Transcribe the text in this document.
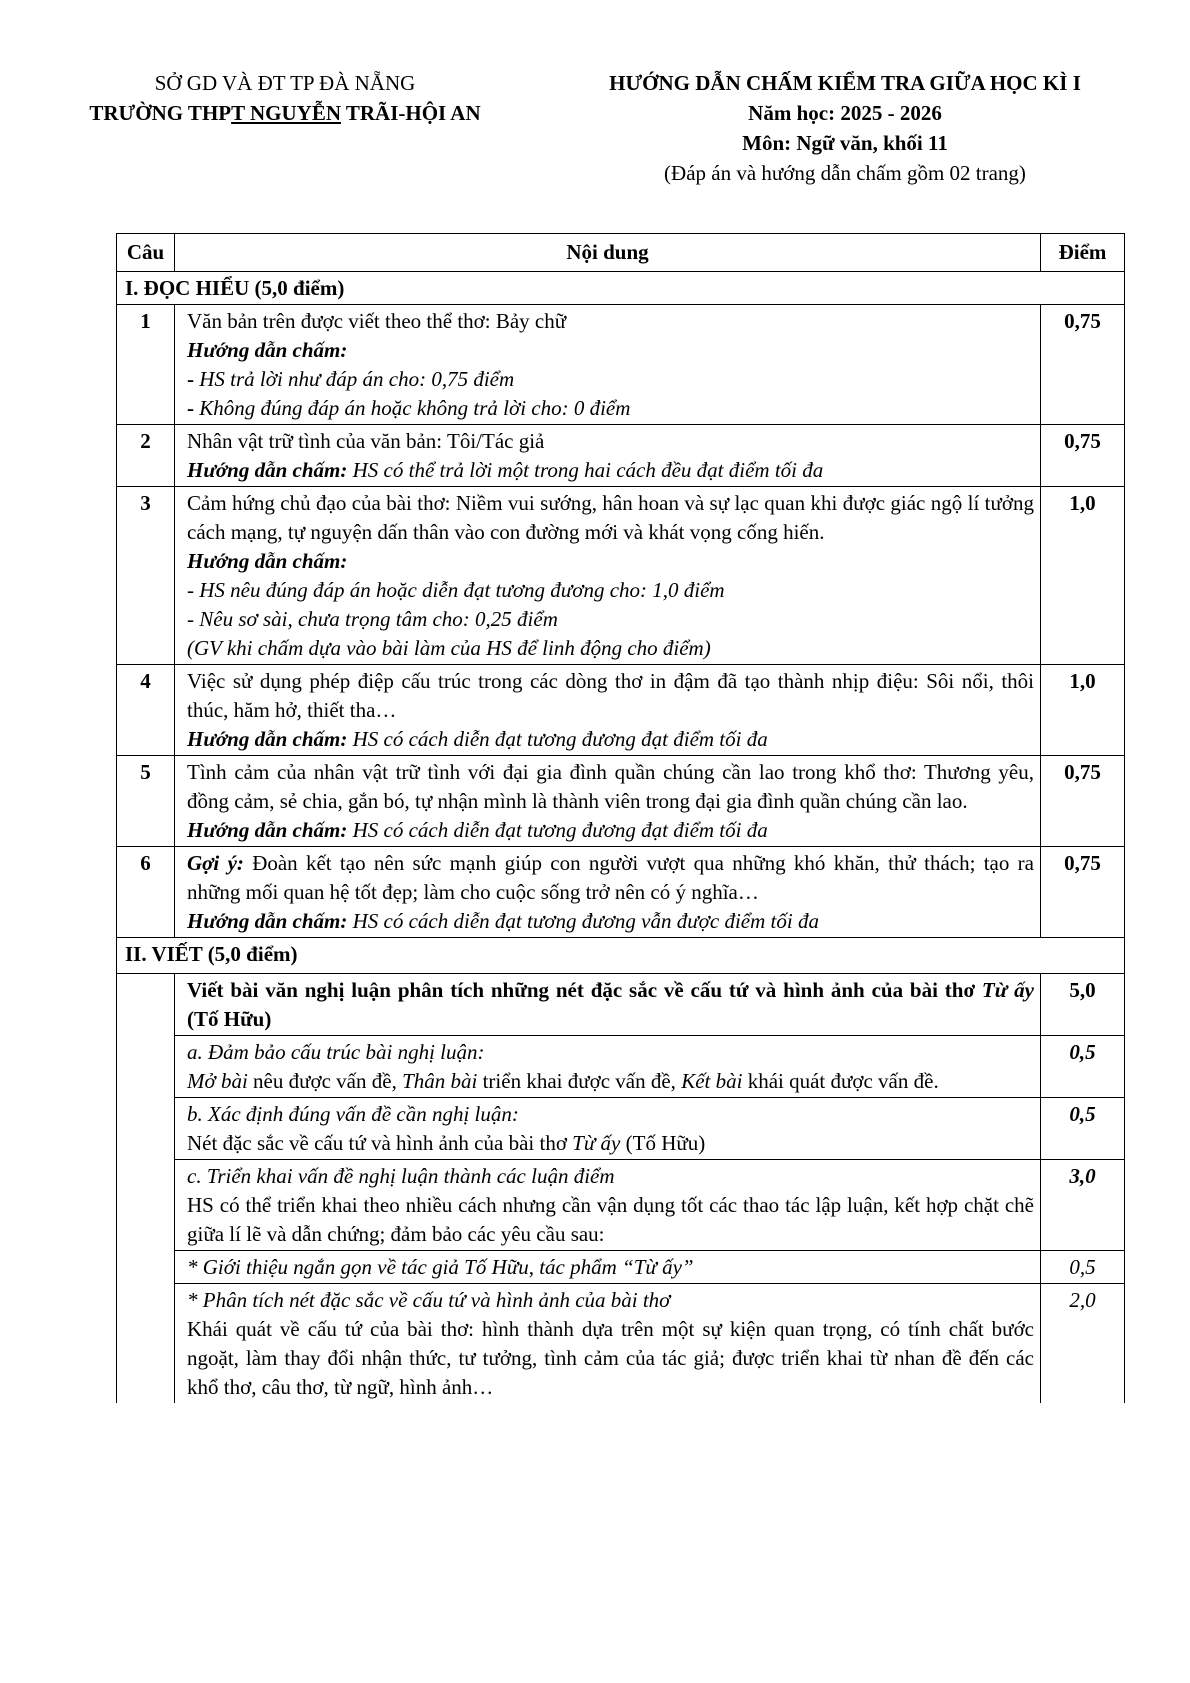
SỞ GD VÀ ĐT TP ĐÀ NẴNG
TRƯỜNG THPT NGUYỄN TRÃI-HỘI AN
HƯỚNG DẪN CHẤM KIỂM TRA GIỮA HỌC KÌ I
Năm học: 2025 - 2026
Môn: Ngữ văn, khối 11
(Đáp án và hướng dẫn chấm gồm 02 trang)
Câu	Nội dung	Điểm
I. ĐỌC HIỂU (5,0 điểm)		
1	Văn bản trên được viết theo thể thơ: Bảy chữ
Hướng dẫn chấm:
- HS trả lời như đáp án cho: 0,75 điểm
- Không đúng đáp án hoặc không trả lời cho: 0 điểm	0,75
2	Nhân vật trữ tình của văn bản: Tôi/Tác giả
Hướng dẫn chấm: HS có thể trả lời một trong hai cách đều đạt điểm tối đa	0,75
3	Cảm hứng chủ đạo của bài thơ: Niềm vui sướng, hân hoan và sự lạc quan khi được giác ngộ lí tưởng cách mạng, tự nguyện dấn thân vào con đường mới và khát vọng cống hiến.
Hướng dẫn chấm:
- HS nêu đúng đáp án hoặc diễn đạt tương đương cho: 1,0 điểm
- Nêu sơ sài, chưa trọng tâm cho: 0,25 điểm
(GV khi chấm dựa vào bài làm của HS để linh động cho điểm)	1,0
4	Việc sử dụng phép điệp cấu trúc trong các dòng thơ in đậm đã tạo thành nhịp điệu: Sôi nổi, thôi thúc, hăm hở, thiết tha…
Hướng dẫn chấm: HS có cách diễn đạt tương đương đạt điểm tối đa	1,0
5	Tình cảm của nhân vật trữ tình với đại gia đình quần chúng cần lao trong khổ thơ: Thương yêu, đồng cảm, sẻ chia, gắn bó, tự nhận mình là thành viên trong đại gia đình quần chúng cần lao.
Hướng dẫn chấm: HS có cách diễn đạt tương đương đạt điểm tối đa	0,75
6	Gợi ý: Đoàn kết tạo nên sức mạnh giúp con người vượt qua những khó khăn, thử thách; tạo ra những mối quan hệ tốt đẹp; làm cho cuộc sống trở nên có ý nghĩa…
Hướng dẫn chấm: HS có cách diễn đạt tương đương vẫn được điểm tối đa	0,75
II. VIẾT (5,0 điểm)		
	Viết bài văn nghị luận phân tích những nét đặc sắc về cấu tứ và hình ảnh của bài thơ Từ ấy (Tố Hữu)	5,0

	a. Đảm bảo cấu trúc bài nghị luận:
Mở bài nêu được vấn đề, Thân bài triển khai được vấn đề, Kết bài khái quát được vấn đề.	0,5

	b. Xác định đúng vấn đề cần nghị luận:
Nét đặc sắc về cấu tứ và hình ảnh của bài thơ Từ ấy (Tố Hữu)	0,5

	c. Triển khai vấn đề nghị luận thành các luận điểm
HS có thể triển khai theo nhiều cách nhưng cần vận dụng tốt các thao tác lập luận, kết hợp chặt chẽ giữa lí lẽ và dẫn chứng; đảm bảo các yêu cầu sau:	3,0
	* Giới thiệu ngắn gọn về tác giả Tố Hữu, tác phẩm “Từ ấy”	0,5

	* Phân tích nét đặc sắc về cấu tứ và hình ảnh của bài thơ
Khái quát về cấu tứ của bài thơ: hình thành dựa trên một sự kiện quan trọng, có tính chất bước ngoặt, làm thay đổi nhận thức, tư tưởng, tình cảm của tác giả; được triển khai từ nhan đề đến các khổ thơ, câu thơ, từ ngữ, hình ảnh…	2,0
